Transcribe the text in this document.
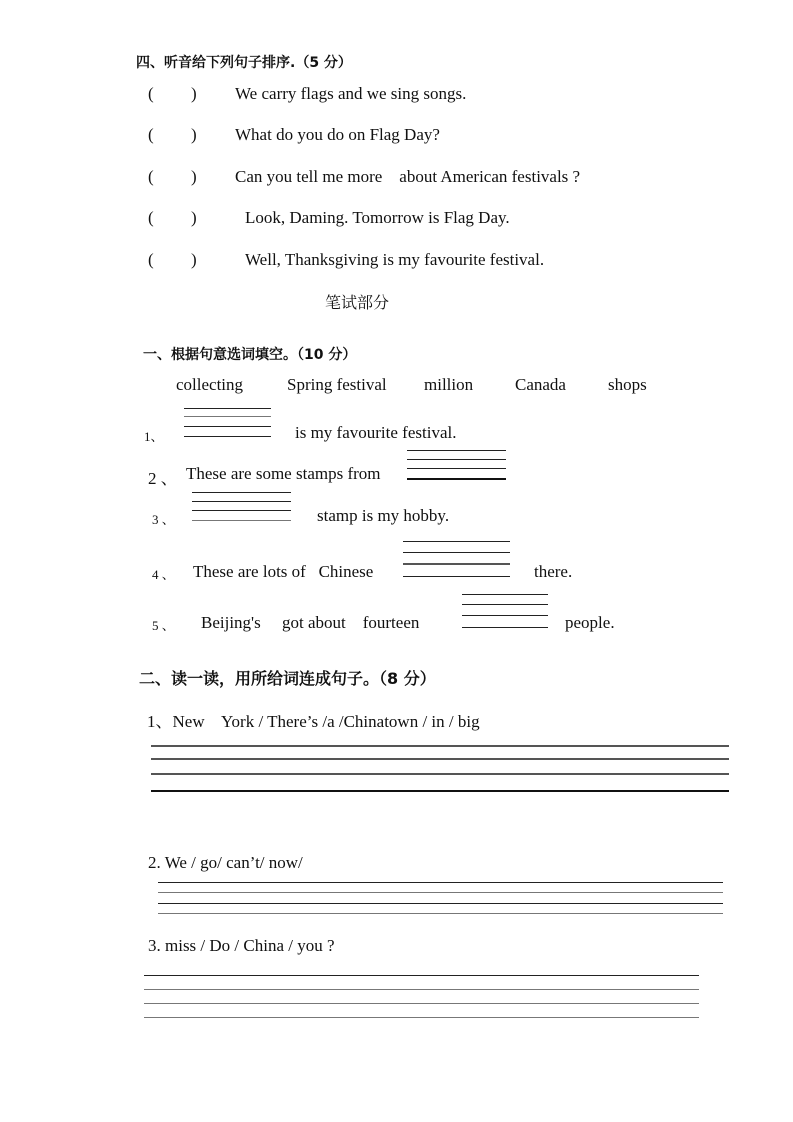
四、听音给下列句子排序.（5 分）
( ) We carry flags and we sing songs.
( ) What do you do on Flag Day?
( ) Can you tell me more    about American festivals ?
( )	Look, Daming. Tomorrow is Flag Day.
( )	Well, Thanksgiving is my favourite festival.
笔试部分
一、根据句意选词填空。（10 分）
collecting	Spring festival million Canada shops
1、	is my favourite festival.
2 、 These are some stamps from
3 、	stamp is my hobby.
4 、 These are lots of   Chinese	there.
5 、 Beijing's     got about    fourteen	people.
二、读一读，用所给词连成句子。（8 分）
1、New    York / There’s /a /Chinatown / in / big
2. We / go/ can’t/ now/
3. miss / Do / China / you ?
